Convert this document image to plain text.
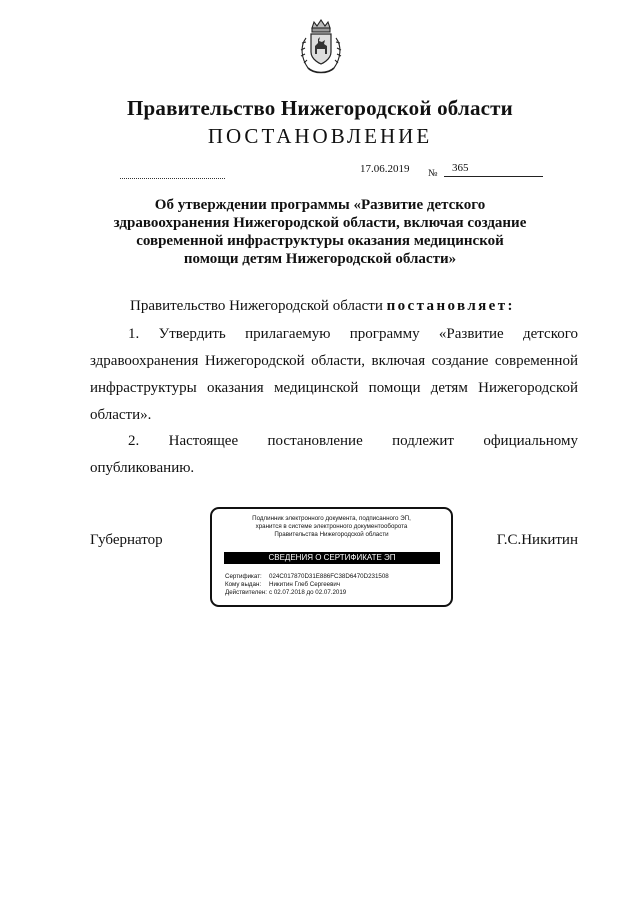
Правительство Нижегородской области
ПОСТАНОВЛЕНИЕ
17.06.2019 № 365
Об утверждении программы «Развитие детского
здравоохранения Нижегородской области, включая создание
современной инфраструктуры оказания медицинской
помощи детям Нижегородской области»
Правительство Нижегородской области постановляет:

1. Утвердить прилагаемую программу «Развитие детского здравоохранения Нижегородской области, включая создание современной инфраструктуры оказания медицинской помощи детям Нижегородской области».

2. Настоящее постановление подлежит официальному опубликованию.

Губернатор	Г.С.Никитин
Подлинник электронного документа, подписанного ЭП,
хранится в системе электронного документооборота
Правительства Нижегородской области
СВЕДЕНИЯ О СЕРТИФИКАТЕ ЭП
Сертификат: 024C017870D31E886FC38D6470D231508
Кому выдан: Никитин Глеб Сергеевич
Действителен: с 02.07.2018 до 02.07.2019
